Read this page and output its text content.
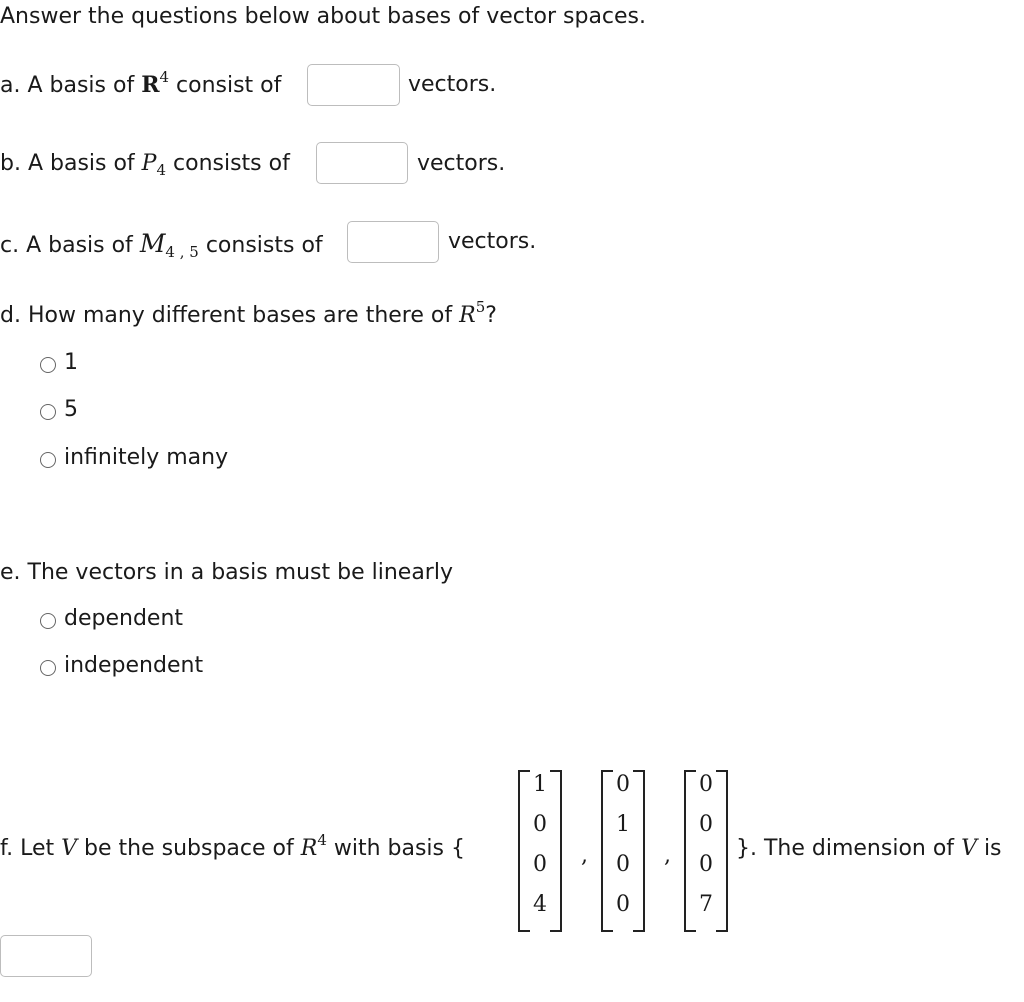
Answer the questions below about bases of vector spaces.
a. A basis of $R^4$ consist of	vectors.
b. A basis of $P_4$ consists of	vectors.
c. A basis of $M_{4 , 5}$ consists of	vectors.
d. How many different bases are there of $R^5$?
1
5
infinitely many
e. The vectors in a basis must be linearly
dependent
independent
f. Let V be the subspace of $R^4$ with basis {
1
0
0
4
,
0
1
0
0
,
0
0
0
7
}. The dimension of V is
